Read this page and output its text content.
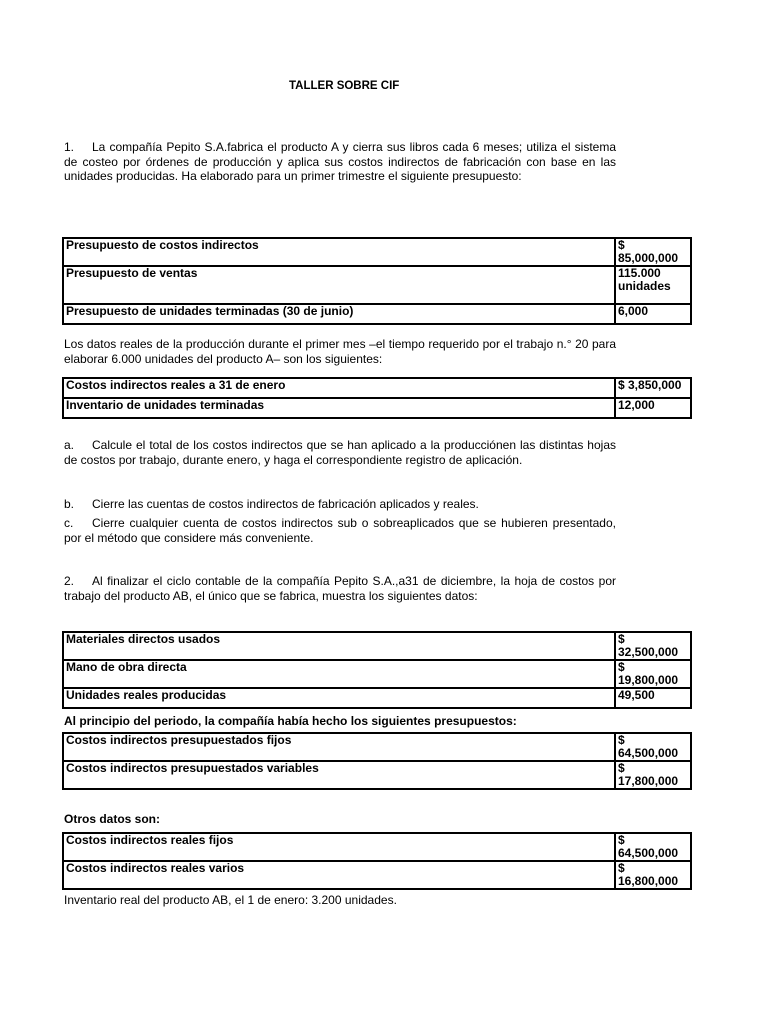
TALLER SOBRE CIF
1. La compañía Pepito S.A.fabrica el producto A y cierra sus libros cada 6 meses; utiliza el sistema de costeo por órdenes de producción y aplica sus costos indirectos de fabricación con base en las unidades producidas. Ha elaborado para un primer trimestre el siguiente presupuesto:
Presupuesto de costos indirectos	$
85,000,000
Presupuesto de ventas	115.000
unidades
Presupuesto de unidades terminadas (30 de junio)	6,000
Los datos reales de la producción durante el primer mes –el tiempo requerido por el trabajo n.° 20 para elaborar 6.000 unidades del producto A– son los siguientes:
Costos indirectos reales a 31 de enero	$ 3,850,000
Inventario de unidades terminadas	12,000
a. Calcule el total de los costos indirectos que se han aplicado a la producciónen las distintas hojas de costos por trabajo, durante enero, y haga el correspondiente registro de aplicación.
b. Cierre las cuentas de costos indirectos de fabricación aplicados y reales.
c. Cierre cualquier cuenta de costos indirectos sub o sobreaplicados que se hubieren presentado, por el método que considere más conveniente.
2. Al finalizar el ciclo contable de la compañía Pepito S.A.,a31 de diciembre, la hoja de costos por trabajo del producto AB, el único que se fabrica, muestra los siguientes datos:
Materiales directos usados	$
32,500,000
Mano de obra directa	$
19,800,000
Unidades reales producidas	49,500
Al principio del periodo, la compañía había hecho los siguientes presupuestos:
Costos indirectos presupuestados fijos	$
64,500,000
Costos indirectos presupuestados variables	$
17,800,000
Otros datos son:
Costos indirectos reales fijos	$
64,500,000
Costos indirectos reales varios	$
16,800,000
Inventario real del producto AB, el 1 de enero: 3.200 unidades.
